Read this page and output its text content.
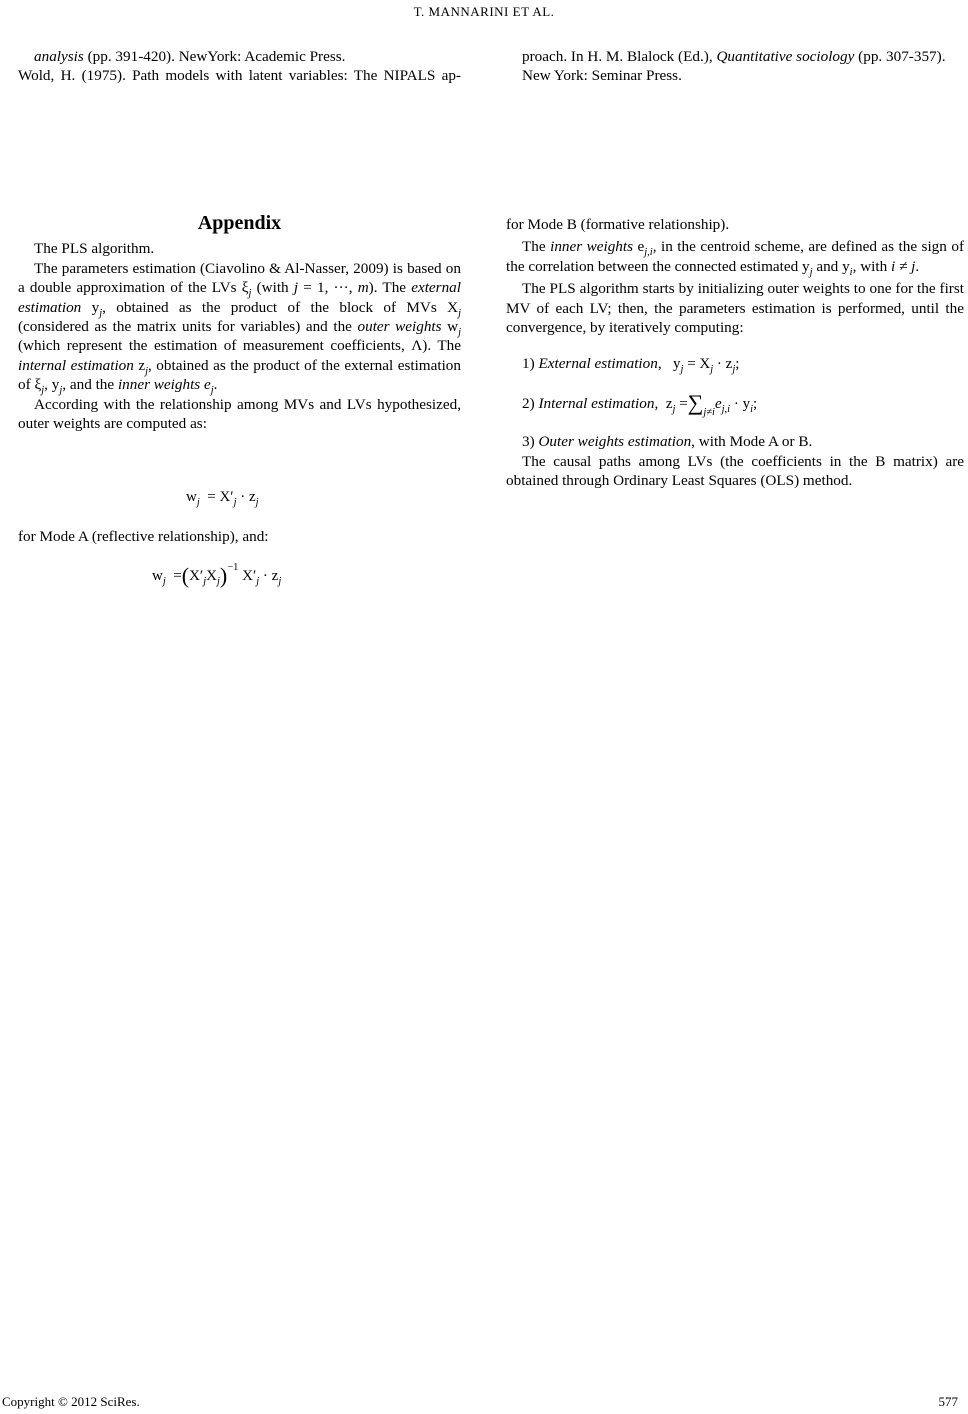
T. MANNARINI ET AL.

analysis (pp. 391-420). NewYork: Academic Press.

Wold, H. (1975). Path models with latent variables: The NIPALS ap-

proach. In H. M. Blalock (Ed.), Quantitative sociology (pp. 307-357).

New York: Seminar Press.

Appendix

The PLS algorithm.

The parameters estimation (Ciavolino & Al-Nasser, 2009) is based on a double approximation of the LVs $\xi_j$ (with j = 1, ···, m). The external estimation $y_j$, obtained as the product of the block of MVs $X_j$ (considered as the matrix units for variables) and the outer weights $w_j$ (which represent the estimation of measurement coefficients, Λ). The internal estimation $z_j$, obtained as the product of the external estimation of $\xi_j$, $y_j$, and the inner weights $e_j$.

According with the relationship among MVs and LVs hypothesized, outer weights are computed as:

$w_j = X'_j \cdot z_j$

for Mode A (reflective relationship), and:

$w_j =(X'_jX_j)^{-1}$ $X'_j \cdot z_j$

for Mode B (formative relationship).

The inner weights $e_{j,i}$, in the centroid scheme, are defined as the sign of the correlation between the connected estimated $y_j$ and $y_i$, with i ≠ j.

The PLS algorithm starts by initializing outer weights to one for the first MV of each LV; then, the parameters estimation is performed, until the convergence, by iteratively computing:

1) External estimation,   $y_j = X_j \cdot z_j$;

2) Internal estimation,  $z_j =\sum_{j\ne i}e_{j,i} \cdot y_i$;

3) Outer weights estimation, with Mode A or B.

The causal paths among LVs (the coefficients in the B matrix) are obtained through Ordinary Least Squares (OLS) method.

Copyright © 2012 SciRes.	577
